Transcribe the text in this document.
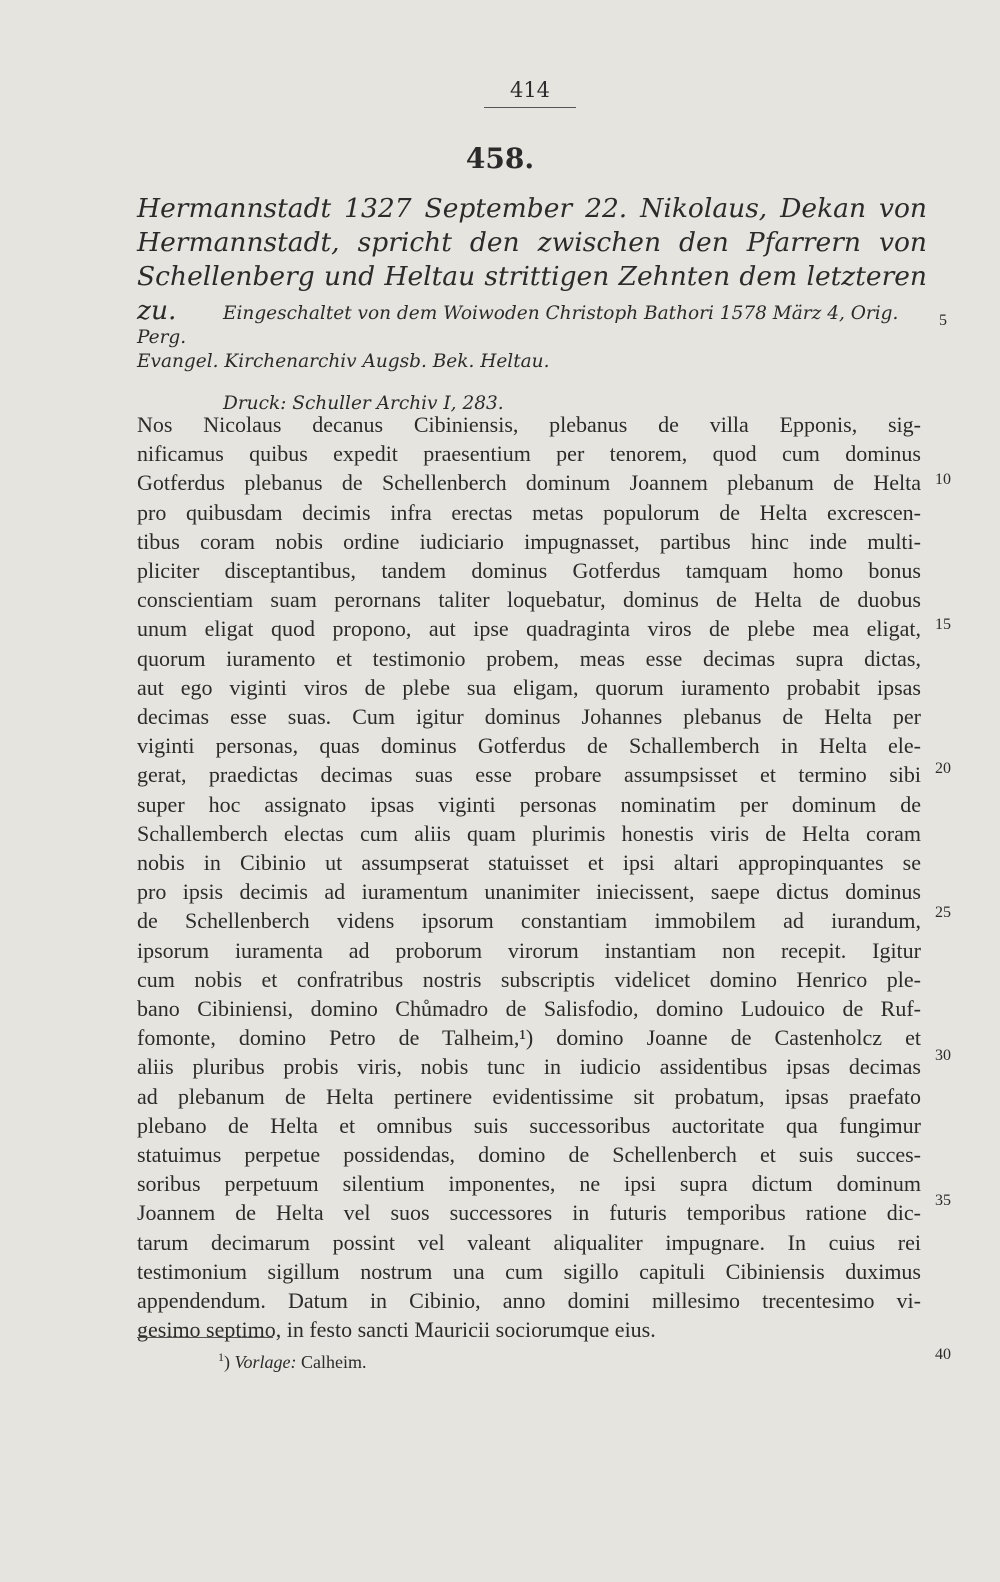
414
458.

Hermannstadt 1327 September 22. Nikolaus, Dekan von Hermannstadt, spricht den zwischen den Pfarrern von Schellenberg und Heltau strittigen Zehnten dem letzteren zu.	Eingeschaltet von dem Woiwoden Christoph Bathori 1578 März 4, Orig. Perg.

Evangel. Kirchenarchiv Augsb. Bek. Heltau.

Druck: Schuller Archiv I, 283.

Nos Nicolaus decanus Cibiniensis, plebanus de villa Epponis, sig-
nificamus quibus expedit praesentium per tenorem, quod cum dominus
Gotferdus plebanus de Schellenberch dominum Joannem plebanum de Helta
pro quibusdam decimis infra erectas metas populorum de Helta excrescen-
tibus coram nobis ordine iudiciario impugnasset, partibus hinc inde multi-
pliciter disceptantibus, tandem dominus Gotferdus tamquam homo bonus
conscientiam suam perornans taliter loquebatur, dominus de Helta de duobus
unum eligat quod propono, aut ipse quadraginta viros de plebe mea eligat,
quorum iuramento et testimonio probem, meas esse decimas supra dictas,
aut ego viginti viros de plebe sua eligam, quorum iuramento probabit ipsas
decimas esse suas. Cum igitur dominus Johannes plebanus de Helta per
viginti personas, quas dominus Gotferdus de Schallemberch in Helta ele-
gerat, praedictas decimas suas esse probare assumpsisset et termino sibi
super hoc assignato ipsas viginti personas nominatim per dominum de
Schallemberch electas cum aliis quam plurimis honestis viris de Helta coram
nobis in Cibinio ut assumpserat statuisset et ipsi altari appropinquantes se
pro ipsis decimis ad iuramentum unanimiter iniecissent, saepe dictus dominus
de Schellenberch videns ipsorum constantiam immobilem ad iurandum,
ipsorum iuramenta ad proborum virorum instantiam non recepit. Igitur
cum nobis et confratribus nostris subscriptis videlicet domino Henrico ple-
bano Cibiniensi, domino Chůmadro de Salisfodio, domino Ludouico de Ruf-
fomonte, domino Petro de Talheim,¹) domino Joanne de Castenholcz et
aliis pluribus probis viris, nobis tunc in iudicio assidentibus ipsas decimas
ad plebanum de Helta pertinere evidentissime sit probatum, ipsas praefato
plebano de Helta et omnibus suis successoribus auctoritate qua fungimur
statuimus perpetue possidendas, domino de Schellenberch et suis succes-
soribus perpetuum silentium imponentes, ne ipsi supra dictum dominum
Joannem de Helta vel suos successores in futuris temporibus ratione dic-
tarum decimarum possint vel valeant aliqualiter impugnare. In cuius rei
testimonium sigillum nostrum una cum sigillo capituli Cibiniensis duximus
appendendum. Datum in Cibinio, anno domini millesimo trecentesimo vi-
gesimo septimo, in festo sancti Mauricii sociorumque eius.
$^1$) Vorlage: Calheim.
5
10
15
20
25
30
35
40
